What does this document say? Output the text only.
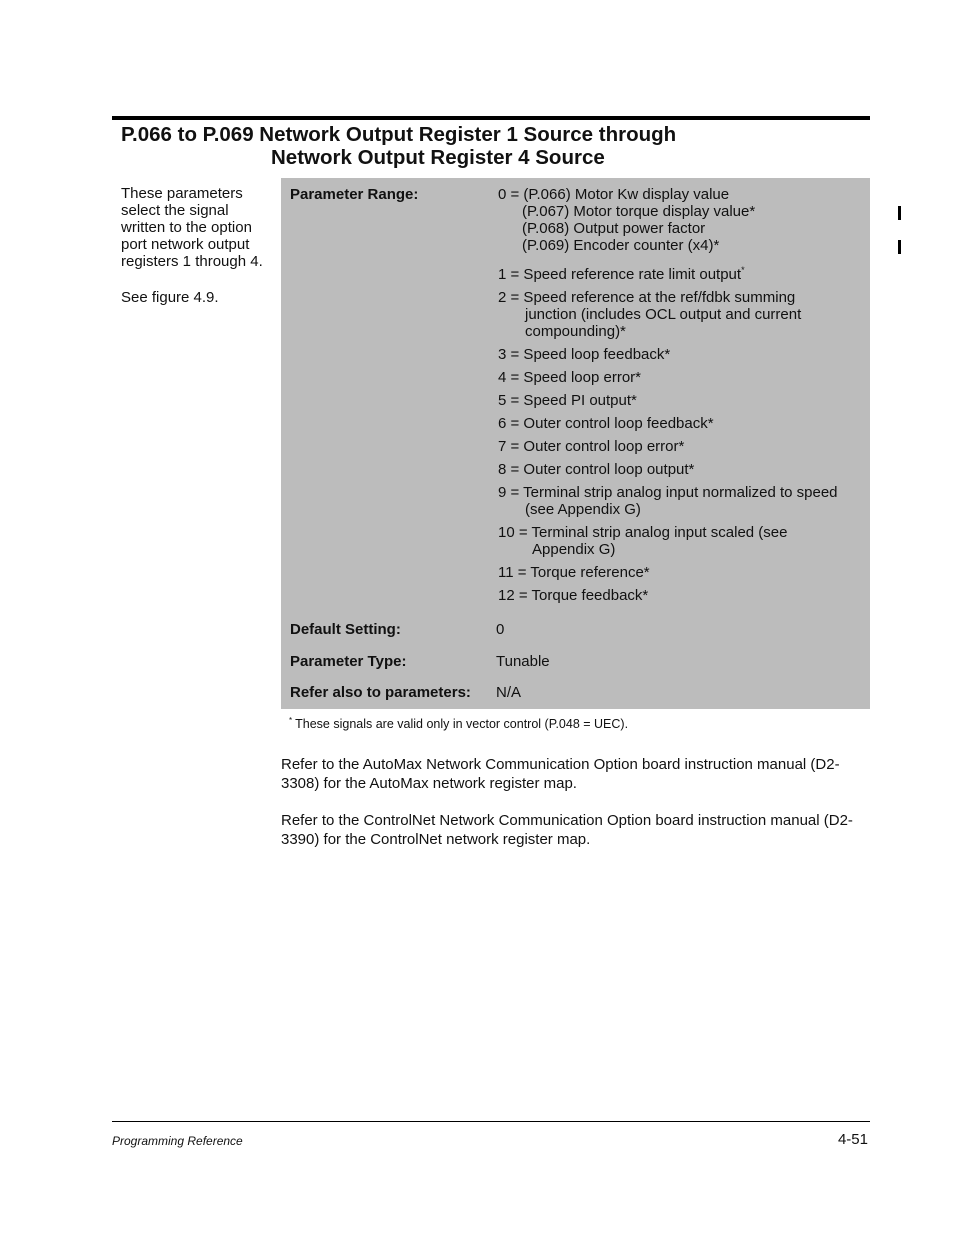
P.066 to P.069 Network Output Register 1 Source through
Network Output Register 4 Source

These parameters select the signal written to the option port network output registers 1 through 4.

See figure 4.9.

Parameter Range:	0 = (P.066) Motor Kw display value
(P.067) Motor torque display value*
(P.068) Output power factor
(P.069) Encoder counter (x4)*
1 = Speed reference rate limit output*
2 = Speed reference at the ref/fdbk summing
junction (includes OCL output and current
compounding)*
3 = Speed loop feedback*
4 = Speed loop error*
5 = Speed PI output*
6 = Outer control loop feedback*
7 = Outer control loop error*
8 = Outer control loop output*
9 = Terminal strip analog input normalized to speed
(see Appendix G)
10 = Terminal strip analog input scaled (see
Appendix G)
11 = Torque reference*
12 = Torque feedback*
Default Setting:	0
Parameter Type:	Tunable
Refer also to parameters: N/A
* These signals are valid only in vector control (P.048 = UEC).

Refer to the AutoMax Network Communication Option board instruction manual (D2-3308) for the AutoMax network register map.

Refer to the ControlNet Network Communication Option board instruction manual (D2-3390) for the ControlNet network register map.

Programming Reference	4-51
